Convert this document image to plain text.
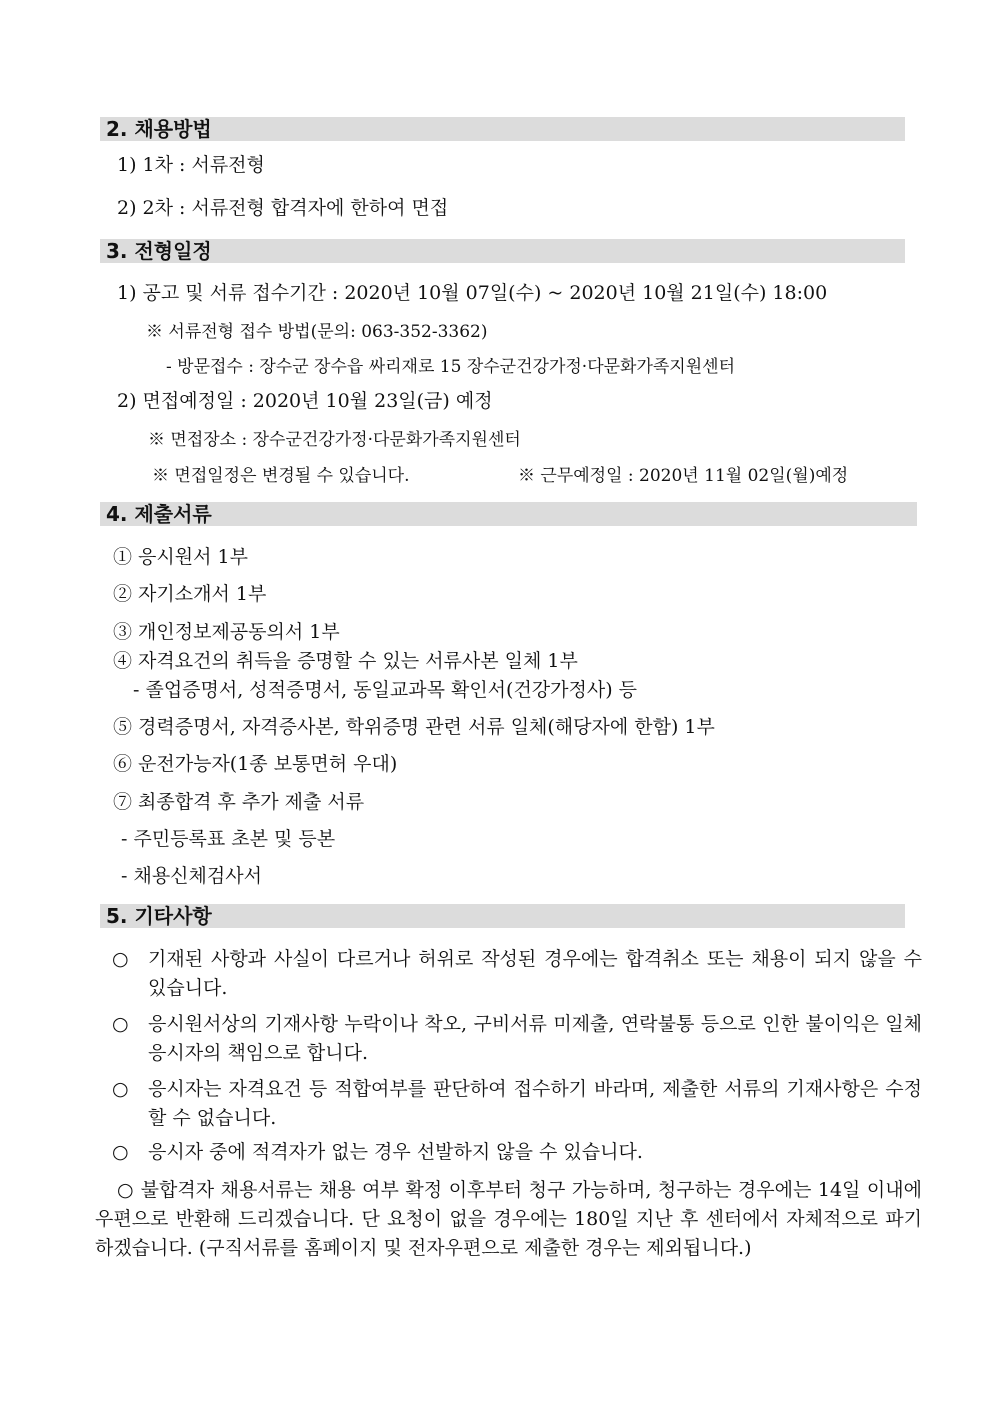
2. 채용방법
1) 1차 : 서류전형
2) 2차 : 서류전형 합격자에 한하여 면접
3. 전형일정
1) 공고 및 서류 접수기간 : 2020년 10월 07일(수) ~ 2020년 10월 21일(수) 18:00
※ 서류전형 접수 방법(문의: 063-352-3362)
- 방문접수 : 장수군 장수읍 싸리재로 15 장수군건강가정·다문화가족지원센터
2) 면접예정일 : 2020년 10월 23일(금) 예정
※ 면접장소 : 장수군건강가정·다문화가족지원센터
※ 면접일정은 변경될 수 있습니다.	※ 근무예정일 : 2020년 11월 02일(월)예정
4. 제출서류
① 응시원서 1부
② 자기소개서 1부
③ 개인정보제공동의서 1부
④ 자격요건의 취득을 증명할 수 있는 서류사본 일체 1부
- 졸업증명서, 성적증명서, 동일교과목 확인서(건강가정사) 등
⑤ 경력증명서, 자격증사본, 학위증명 관련 서류 일체(해당자에 한함) 1부
⑥ 운전가능자(1종 보통면허 우대)
⑦ 최종합격 후 추가 제출 서류
- 주민등록표 초본 및 등본
- 채용신체검사서
5. 기타사항
○ 기재된 사항과 사실이 다르거나 허위로 작성된 경우에는 합격취소 또는 채용이 되지 않을 수 있습니다.
○ 응시원서상의 기재사항 누락이나 착오, 구비서류 미제출, 연락불통 등으로 인한 불이익은 일체 응시자의 책임으로 합니다.
○ 응시자는 자격요건 등 적합여부를 판단하여 접수하기 바라며, 제출한 서류의 기재사항은 수정할 수 없습니다.
○ 응시자 중에 적격자가 없는 경우 선발하지 않을 수 있습니다.
○ 불합격자 채용서류는 채용 여부 확정 이후부터 청구 가능하며, 청구하는 경우에는 14일 이내에 우편으로 반환해 드리겠습니다. 단 요청이 없을 경우에는 180일 지난 후 센터에서 자체적으로 파기하겠습니다. (구직서류를 홈페이지 및 전자우편으로 제출한 경우는 제외됩니다.)
